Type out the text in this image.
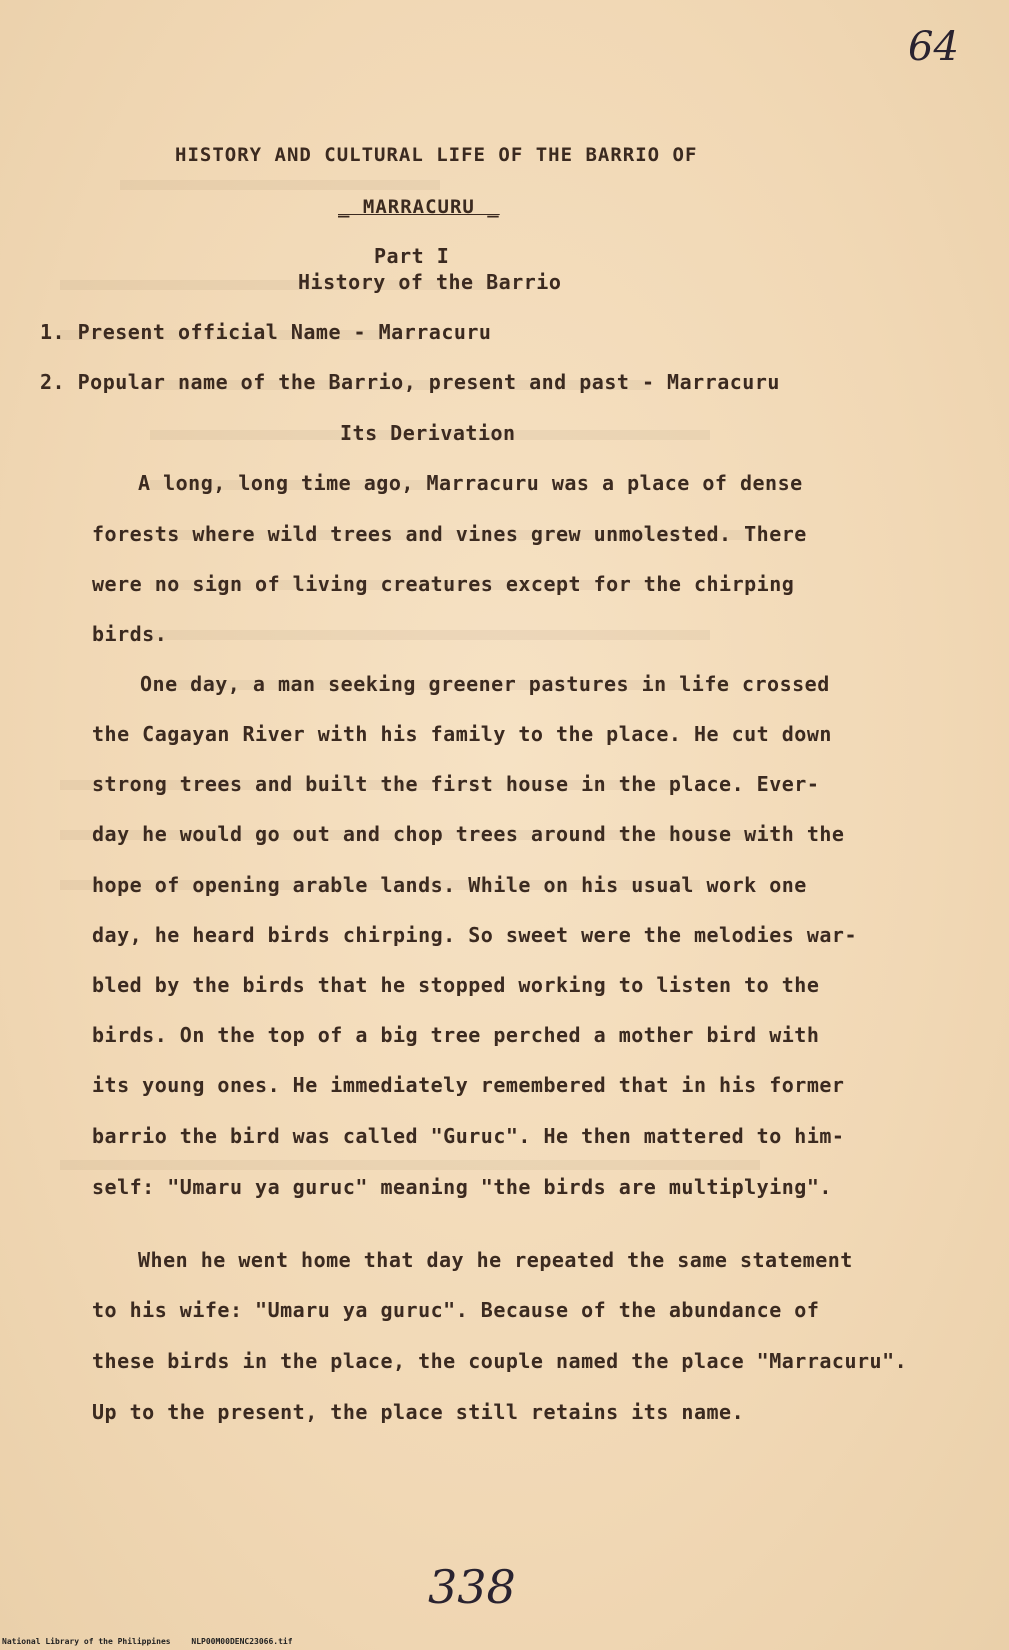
64
HISTORY AND CULTURAL LIFE OF THE BARRIO OF
_ MARRACURU _
Part I
History of the Barrio
1. Present official Name - Marracuru
2. Popular name of the Barrio, present and past - Marracuru
Its Derivation
A long, long time ago, Marracuru was a place of dense
forests where wild trees and vines grew unmolested. There
were no sign of living creatures except for the chirping
birds.
One day, a man seeking greener pastures in life crossed
the Cagayan River with his family to the place. He cut down
strong trees and built the first house in the place. Ever-
day he would go out and chop trees around the house with the
hope of opening arable lands. While on his usual work one
day, he heard birds chirping. So sweet were the melodies war-
bled by the birds that he stopped working to listen to the
birds. On the top of a big tree perched a mother bird with
its young ones. He immediately remembered that in his former
barrio the bird was called "Guruc". He then mattered to him-
self: "Umaru ya guruc" meaning "the birds are multiplying".
When he went home that day he repeated the same statement
to his wife: "Umaru ya guruc". Because of the abundance of
these birds in the place, the couple named the place "Marracuru".
Up to the present, the place still retains its name.
338
National Library of the Philippines	NLP00M00DENC23066.tif
